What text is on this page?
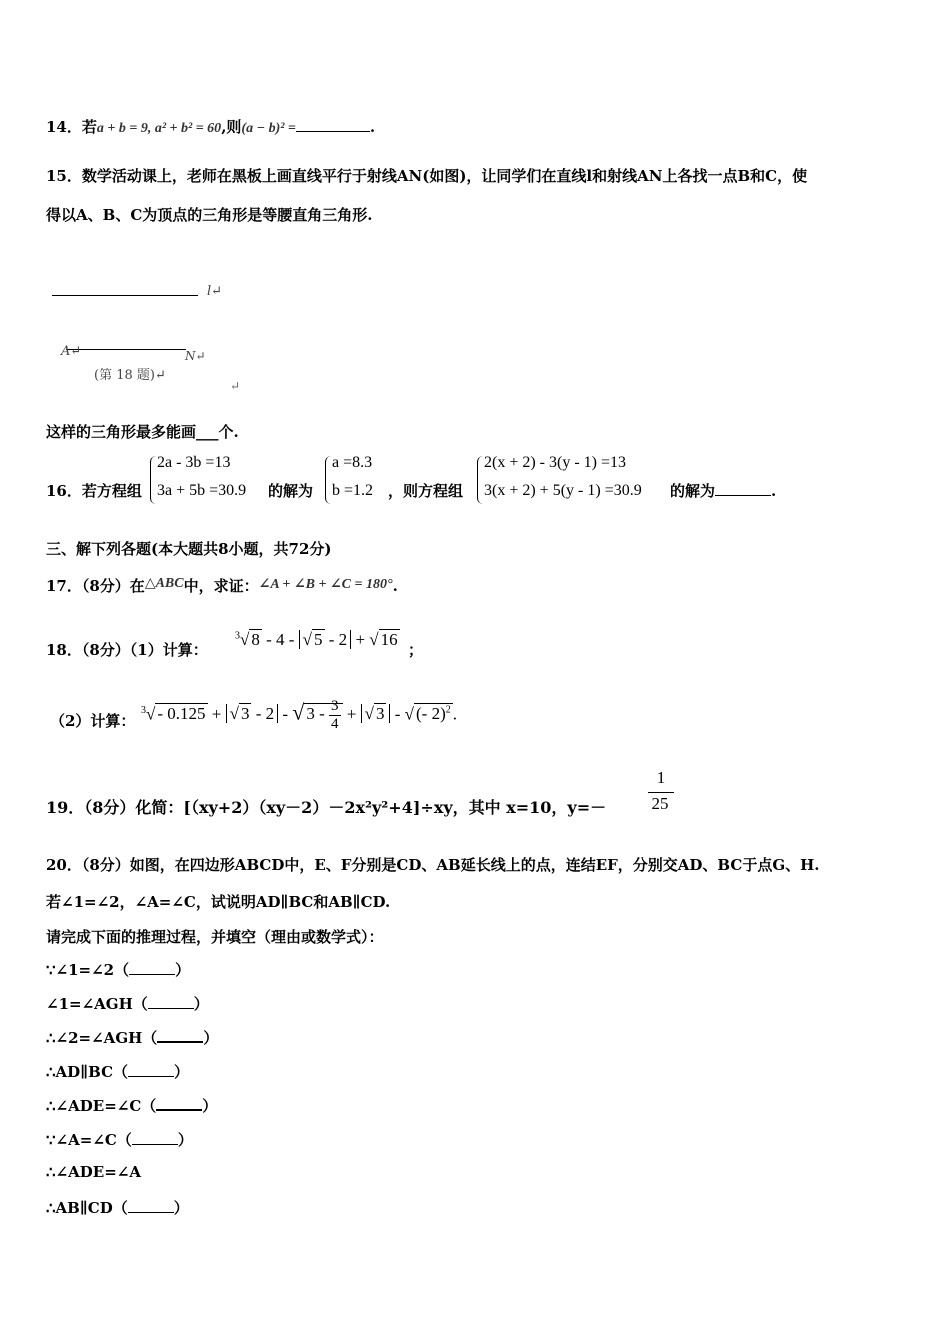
14．若a + b = 9, a² + b² = 60,则(a − b)² =	.
15．数学活动课上，老师在黑板上画直线平行于射线AN(如图)，让同学们在直线l和射线AN上各找一点B和C，使
得以A、B、C为顶点的三角形是等腰直角三角形.
l↵
A↵	N↵
(第 18 题)↵
↵
这样的三角形最多能画___个.
16．若方程组
2a - 3b =13
3a + 5b =30.9 的解为
a =8.3
b =1.2 ，则方程组
2(x + 2) - 3(y - 1) =13
3(x + 2) + 5(y - 1) =30.9 的解为	.
三、解下列各题(本大题共8小题，共72分)
17．（8分）在△ABC中，求证：∠A + ∠B + ∠C = 180°.
18．（8分）（1）计算：
$^3$√ 8 - 4 - √ 5 - 2 + √ 16
；
（2）计算：
$^3$√ - 0.125 + √ 3 - 2 - √ $3 - \frac{3}{4}$ + √ 3 - √ (- 2)$^2$ .
19．（8分）化简：[（xy+2）（xy－2）－2x²y²+4]÷xy，其中 x=10，y=－
1
25
20．（8分）如图，在四边形ABCD中，E、F分别是CD、AB延长线上的点，连结EF，分别交AD、BC于点G、H.
若∠1=∠2，∠A=∠C，试说明AD∥BC和AB∥CD.
请完成下面的推理过程，并填空（理由或数学式）：
∵∠1=∠2（	）
∠1=∠AGH（	）
∴∠2=∠AGH（	）
∴AD∥BC（	）
∴∠ADE=∠C（	）
∵∠A=∠C（	）
∴∠ADE=∠A
∴AB∥CD（	）
